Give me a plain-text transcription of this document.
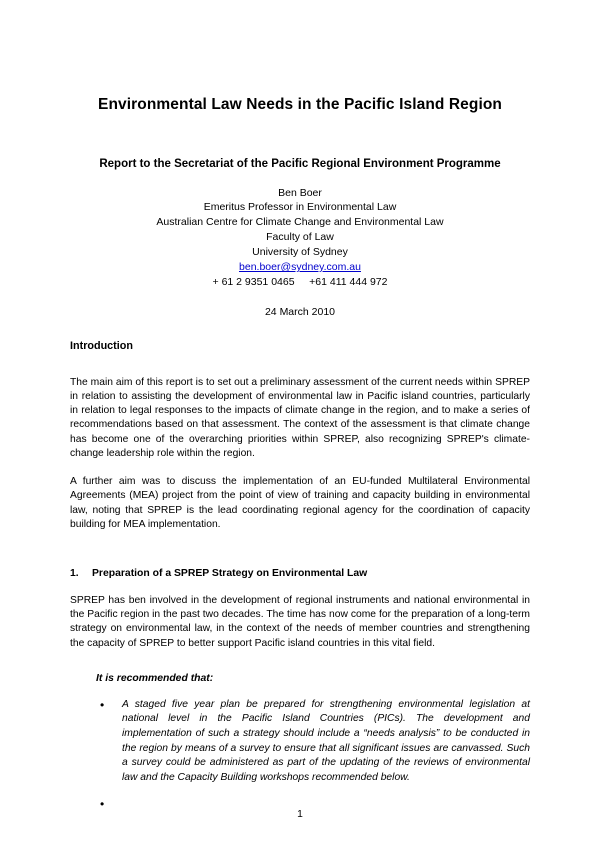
Environmental Law Needs in the Pacific Island Region
Report to the Secretariat of the Pacific Regional Environment Programme
Ben Boer
Emeritus Professor in Environmental Law
Australian Centre for Climate Change and Environmental Law
Faculty of Law
University of Sydney
ben.boer@sydney.com.au
+ 61 2 9351 0465     +61 411 444 972
24 March 2010
Introduction

The main aim of this report is to set out a preliminary assessment of the current needs within SPREP in relation to assisting the development of environmental law in Pacific island countries, particularly in relation to legal responses to the impacts of climate change in the region, and to make a series of recommendations based on that assessment. The context of the assessment is that climate change has become one of the overarching priorities within SPREP, also recognizing SPREP's climate-change leadership role within the region.

A further aim was to discuss the implementation of an EU-funded Multilateral Environmental Agreements (MEA) project from the point of view of training and capacity building in environmental law, noting that SPREP is the lead coordinating regional agency for the coordination of capacity building for MEA implementation.

1. Preparation of a SPREP Strategy on Environmental Law

SPREP has ben involved in the development of regional instruments and national environmental in the Pacific region in the past two decades. The time has now come for the preparation of a long-term strategy on environmental law, in the context of the needs of member countries and strengthening the capacity of SPREP to better support Pacific island countries in this vital field.

It is recommended that:
• A staged five year plan be prepared for strengthening environmental legislation at national level in the Pacific Island Countries (PICs). The development and implementation of such a strategy should include a “needs analysis” to be conducted in the region by means of a survey to ensure that all significant issues are canvassed. Such a survey could be administered as part of the updating of the reviews of environmental law and the Capacity Building workshops recommended below.
•
1
